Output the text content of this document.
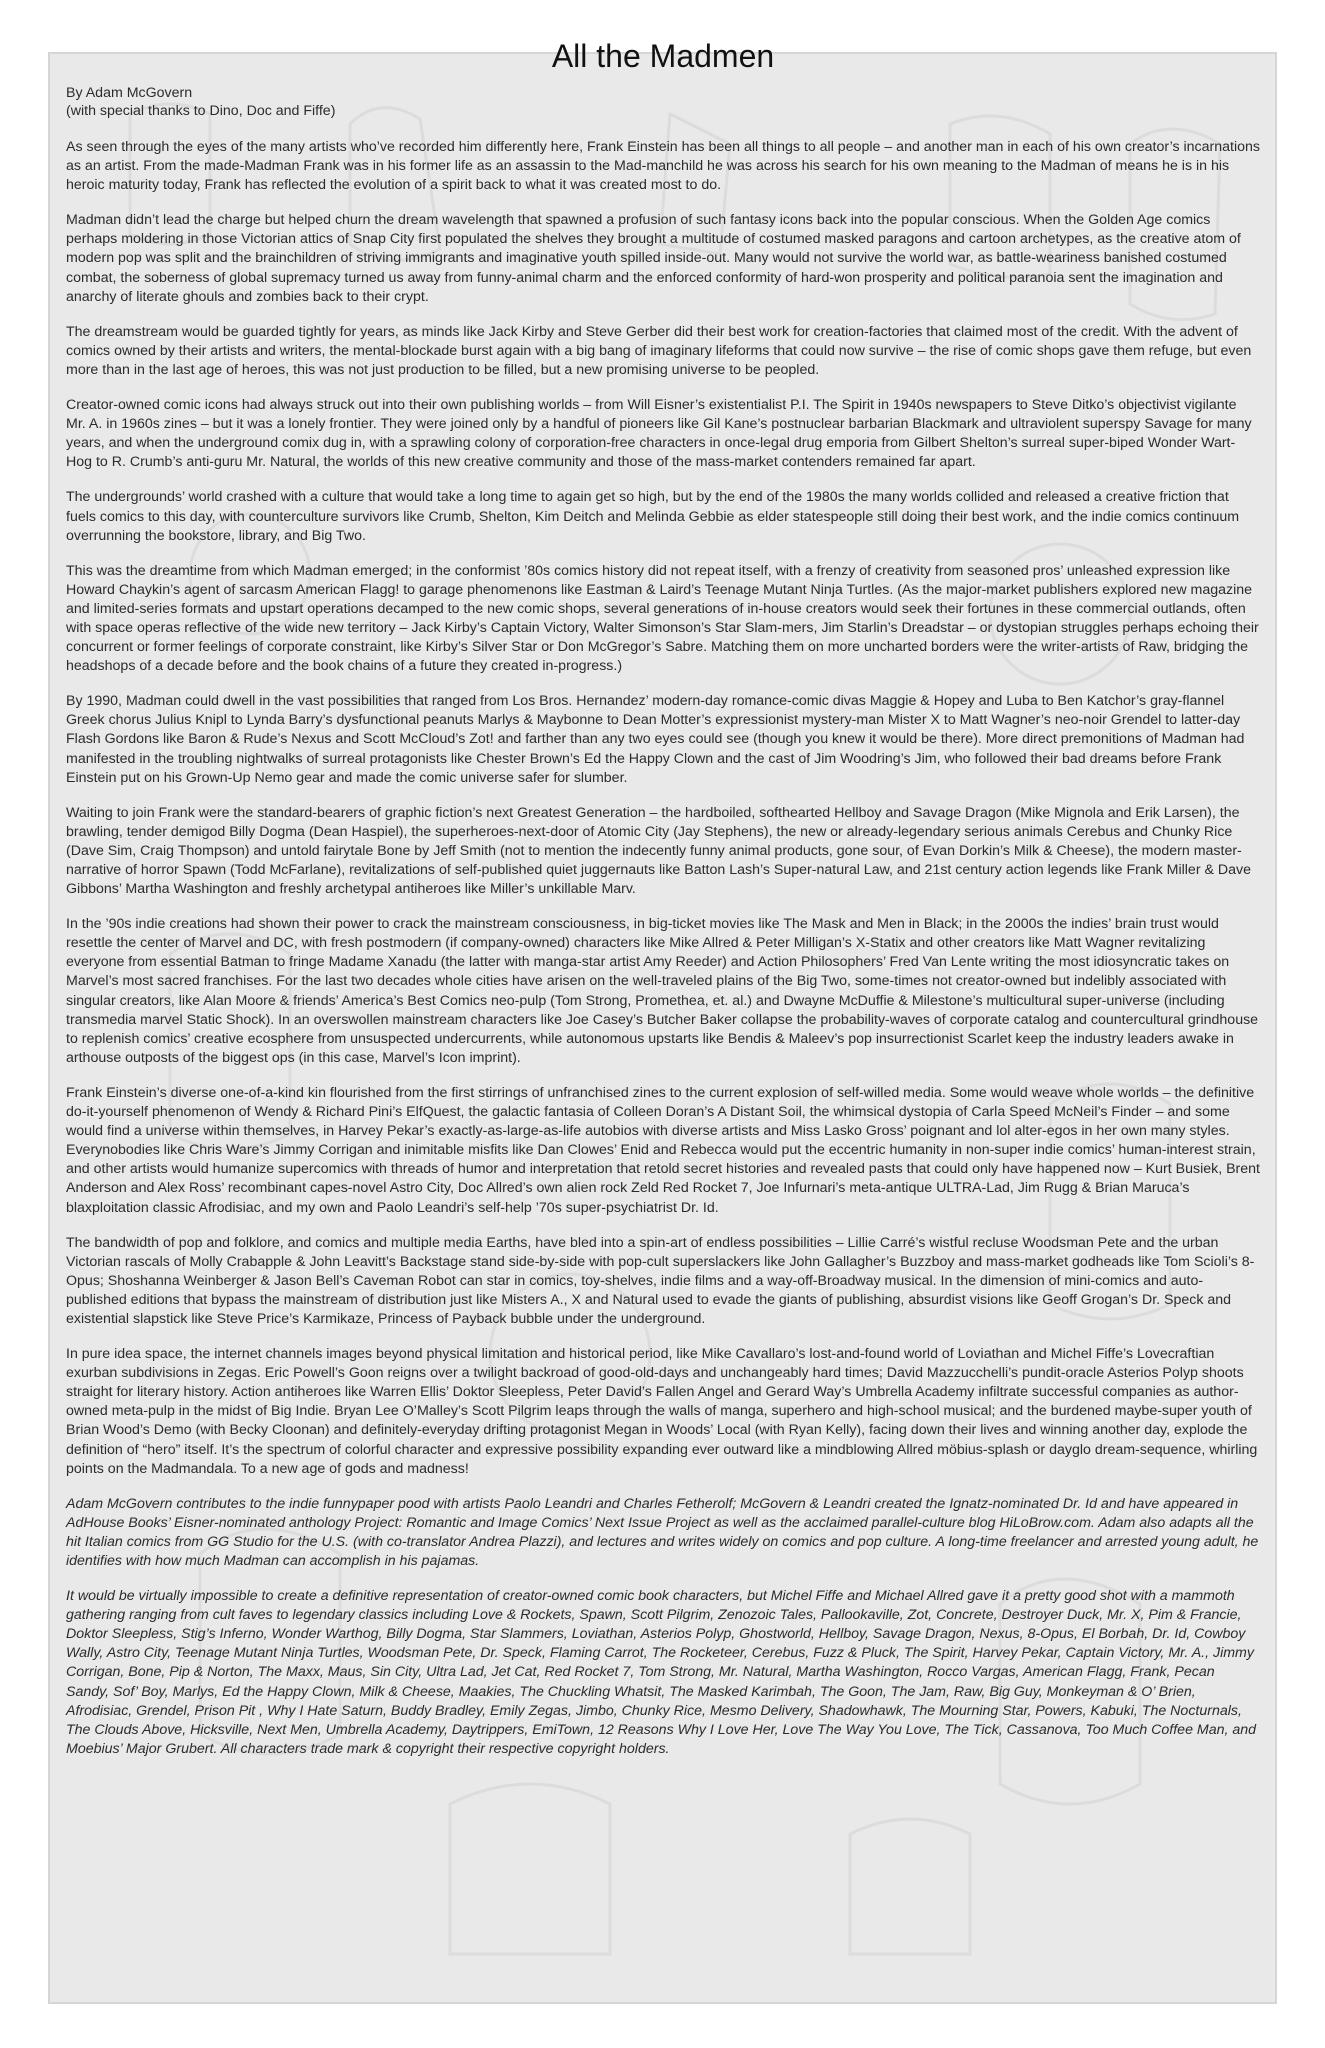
All the Madmen
By Adam McGovern
(with special thanks to Dino, Doc and Fiffe)

As seen through the eyes of the many artists who’ve recorded him differently here, Frank Einstein has been all things to all people – and another man in each of his own creator’s incarnations as an artist. From the made-Madman Frank was in his former life as an assassin to the Mad-manchild he was across his search for his own meaning to the Madman of means he is in his heroic maturity today, Frank has reflected the evolution of a spirit back to what it was created most to do.

Madman didn’t lead the charge but helped churn the dream wavelength that spawned a profusion of such fantasy icons back into the popular conscious. When the Golden Age comics perhaps moldering in those Victorian attics of Snap City first populated the shelves they brought a multitude of costumed masked paragons and cartoon archetypes, as the creative atom of modern pop was split and the brainchildren of striving immigrants and imaginative youth spilled inside-out. Many would not survive the world war, as battle-weariness banished costumed combat, the soberness of global supremacy turned us away from funny-animal charm and the enforced conformity of hard-won prosperity and political paranoia sent the imagination and anarchy of literate ghouls and zombies back to their crypt.

The dreamstream would be guarded tightly for years, as minds like Jack Kirby and Steve Gerber did their best work for creation-factories that claimed most of the credit. With the advent of comics owned by their artists and writers, the mental-blockade burst again with a big bang of imaginary lifeforms that could now survive – the rise of comic shops gave them refuge, but even more than in the last age of heroes, this was not just production to be filled, but a new promising universe to be peopled.

Creator-owned comic icons had always struck out into their own publishing worlds – from Will Eisner’s existentialist P.I. The Spirit in 1940s newspapers to Steve Ditko’s objectivist vigilante Mr. A. in 1960s zines – but it was a lonely frontier. They were joined only by a handful of pioneers like Gil Kane’s postnuclear barbarian Blackmark and ultraviolent superspy Savage for many years, and when the underground comix dug in, with a sprawling colony of corporation-free characters in once-legal drug emporia from Gilbert Shelton’s surreal super-biped Wonder Wart-Hog to R. Crumb’s anti-guru Mr. Natural, the worlds of this new creative community and those of the mass-market contenders remained far apart.

The undergrounds’ world crashed with a culture that would take a long time to again get so high, but by the end of the 1980s the many worlds collided and released a creative friction that fuels comics to this day, with counterculture survivors like Crumb, Shelton, Kim Deitch and Melinda Gebbie as elder statespeople still doing their best work, and the indie comics continuum overrunning the bookstore, library, and Big Two.

This was the dreamtime from which Madman emerged; in the conformist ’80s comics history did not repeat itself, with a frenzy of creativity from seasoned pros’ unleashed expression like Howard Chaykin’s agent of sarcasm American Flagg! to garage phenomenons like Eastman & Laird’s Teenage Mutant Ninja Turtles. (As the major-market publishers explored new magazine and limited-series formats and upstart operations decamped to the new comic shops, several generations of in-house creators would seek their fortunes in these commercial outlands, often with space operas reflective of the wide new territory – Jack Kirby’s Captain Victory, Walter Simonson’s Star Slam-mers, Jim Starlin’s Dreadstar – or dystopian struggles perhaps echoing their concurrent or former feelings of corporate constraint, like Kirby’s Silver Star or Don McGregor’s Sabre. Matching them on more uncharted borders were the writer-artists of Raw, bridging the headshops of a decade before and the book chains of a future they created in-progress.)

By 1990, Madman could dwell in the vast possibilities that ranged from Los Bros. Hernandez’ modern-day romance-comic divas Maggie & Hopey and Luba to Ben Katchor’s gray-flannel Greek chorus Julius Knipl to Lynda Barry’s dysfunctional peanuts Marlys & Maybonne to Dean Motter’s expressionist mystery-man Mister X to Matt Wagner’s neo-noir Grendel to latter-day Flash Gordons like Baron & Rude’s Nexus and Scott McCloud’s Zot! and farther than any two eyes could see (though you knew it would be there). More direct premonitions of Madman had manifested in the troubling nightwalks of surreal protagonists like Chester Brown’s Ed the Happy Clown and the cast of Jim Woodring’s Jim, who followed their bad dreams before Frank Einstein put on his Grown-Up Nemo gear and made the comic universe safer for slumber.

Waiting to join Frank were the standard-bearers of graphic fiction’s next Greatest Generation – the hardboiled, softhearted Hellboy and Savage Dragon (Mike Mignola and Erik Larsen), the brawling, tender demigod Billy Dogma (Dean Haspiel), the superheroes-next-door of Atomic City (Jay Stephens), the new or already-legendary serious animals Cerebus and Chunky Rice (Dave Sim, Craig Thompson) and untold fairytale Bone by Jeff Smith (not to mention the indecently funny animal products, gone sour, of Evan Dorkin’s Milk & Cheese), the modern master-narrative of horror Spawn (Todd McFarlane), revitalizations of self-published quiet juggernauts like Batton Lash’s Super-natural Law, and 21st century action legends like Frank Miller & Dave Gibbons’ Martha Washington and freshly archetypal antiheroes like Miller’s unkillable Marv.

In the ’90s indie creations had shown their power to crack the mainstream consciousness, in big-ticket movies like The Mask and Men in Black; in the 2000s the indies’ brain trust would resettle the center of Marvel and DC, with fresh postmodern (if company-owned) characters like Mike Allred & Peter Milligan’s X-Statix and other creators like Matt Wagner revitalizing everyone from essential Batman to fringe Madame Xanadu (the latter with manga-star artist Amy Reeder) and Action Philosophers’ Fred Van Lente writing the most idiosyncratic takes on Marvel’s most sacred franchises. For the last two decades whole cities have arisen on the well-traveled plains of the Big Two, some-times not creator-owned but indelibly associated with singular creators, like Alan Moore & friends’ America’s Best Comics neo-pulp (Tom Strong, Promethea, et. al.) and Dwayne McDuffie & Milestone’s multicultural super-universe (including transmedia marvel Static Shock). In an overswollen mainstream characters like Joe Casey’s Butcher Baker collapse the probability-waves of corporate catalog and countercultural grindhouse to replenish comics’ creative ecosphere from unsuspected undercurrents, while autonomous upstarts like Bendis & Maleev’s pop insurrectionist Scarlet keep the industry leaders awake in arthouse outposts of the biggest ops (in this case, Marvel’s Icon imprint).

Frank Einstein’s diverse one-of-a-kind kin flourished from the first stirrings of unfranchised zines to the current explosion of self-willed media. Some would weave whole worlds – the definitive do-it-yourself phenomenon of Wendy & Richard Pini’s ElfQuest, the galactic fantasia of Colleen Doran’s A Distant Soil, the whimsical dystopia of Carla Speed McNeil’s Finder – and some would find a universe within themselves, in Harvey Pekar’s exactly-as-large-as-life autobios with diverse artists and Miss Lasko Gross’ poignant and lol alter-egos in her own many styles. Everynobodies like Chris Ware’s Jimmy Corrigan and inimitable misfits like Dan Clowes’ Enid and Rebecca would put the eccentric humanity in non-super indie comics’ human-interest strain, and other artists would humanize supercomics with threads of humor and interpretation that retold secret histories and revealed pasts that could only have happened now – Kurt Busiek, Brent Anderson and Alex Ross’ recombinant capes-novel Astro City, Doc Allred’s own alien rock Zeld Red Rocket 7, Joe Infurnari’s meta-antique ULTRA-Lad, Jim Rugg & Brian Maruca’s blaxploitation classic Afrodisiac, and my own and Paolo Leandri’s self-help ’70s super-psychiatrist Dr. Id.

The bandwidth of pop and folklore, and comics and multiple media Earths, have bled into a spin-art of endless possibilities – Lillie Carré’s wistful recluse Woodsman Pete and the urban Victorian rascals of Molly Crabapple & John Leavitt’s Backstage stand side-by-side with pop-cult superslackers like John Gallagher’s Buzzboy and mass-market godheads like Tom Scioli’s 8-Opus; Shoshanna Weinberger & Jason Bell’s Caveman Robot can star in comics, toy-shelves, indie films and a way-off-Broadway musical. In the dimension of mini-comics and auto-published editions that bypass the mainstream of distribution just like Misters A., X and Natural used to evade the giants of publishing, absurdist visions like Geoff Grogan’s Dr. Speck and existential slapstick like Steve Price’s Karmikaze, Princess of Payback bubble under the underground.

In pure idea space, the internet channels images beyond physical limitation and historical period, like Mike Cavallaro’s lost-and-found world of Loviathan and Michel Fiffe’s Lovecraftian exurban subdivisions in Zegas. Eric Powell’s Goon reigns over a twilight backroad of good-old-days and unchangeably hard times; David Mazzucchelli’s pundit-oracle Asterios Polyp shoots straight for literary history. Action antiheroes like Warren Ellis’ Doktor Sleepless, Peter David’s Fallen Angel and Gerard Way’s Umbrella Academy infiltrate successful companies as author-owned meta-pulp in the midst of Big Indie. Bryan Lee O’Malley’s Scott Pilgrim leaps through the walls of manga, superhero and high-school musical; and the burdened maybe-super youth of Brian Wood’s Demo (with Becky Cloonan) and definitely-everyday drifting protagonist Megan in Woods’ Local (with Ryan Kelly), facing down their lives and winning another day, explode the definition of “hero” itself. It’s the spectrum of colorful character and expressive possibility expanding ever outward like a mindblowing Allred möbius-splash or dayglo dream-sequence, whirling points on the Madmandala. To a new age of gods and madness!

Adam McGovern contributes to the indie funnypaper pood with artists Paolo Leandri and Charles Fetherolf; McGovern & Leandri created the Ignatz-nominated Dr. Id and have appeared in AdHouse Books’ Eisner-nominated anthology Project: Romantic and Image Comics’ Next Issue Project as well as the acclaimed parallel-culture blog HiLoBrow.com. Adam also adapts all the hit Italian comics from GG Studio for the U.S. (with co-translator Andrea Plazzi), and lectures and writes widely on comics and pop culture. A long-time freelancer and arrested young adult, he identifies with how much Madman can accomplish in his pajamas.

It would be virtually impossible to create a definitive representation of creator-owned comic book characters, but Michel Fiffe and Michael Allred gave it a pretty good shot with a mammoth gathering ranging from cult faves to legendary classics including Love & Rockets, Spawn, Scott Pilgrim, Zenozoic Tales, Pallookaville, Zot, Concrete, Destroyer Duck, Mr. X, Pim & Francie, Doktor Sleepless, Stig’s Inferno, Wonder Warthog, Billy Dogma, Star Slammers, Loviathan, Asterios Polyp, Ghostworld, Hellboy, Savage Dragon, Nexus, 8-Opus, El Borbah, Dr. Id, Cowboy Wally, Astro City, Teenage Mutant Ninja Turtles, Woodsman Pete, Dr. Speck, Flaming Carrot, The Rocketeer, Cerebus, Fuzz & Pluck, The Spirit, Harvey Pekar, Captain Victory, Mr. A., Jimmy Corrigan, Bone, Pip & Norton, The Maxx, Maus, Sin City, Ultra Lad, Jet Cat, Red Rocket 7, Tom Strong, Mr. Natural, Martha Washington, Rocco Vargas, American Flagg, Frank, Pecan Sandy, Sof’ Boy, Marlys, Ed the Happy Clown, Milk & Cheese, Maakies, The Chuckling Whatsit, The Masked Karimbah, The Goon, The Jam, Raw, Big Guy, Monkeyman & O’ Brien, Afrodisiac, Grendel, Prison Pit , Why I Hate Saturn, Buddy Bradley, Emily Zegas, Jimbo, Chunky Rice, Mesmo Delivery, Shadowhawk, The Mourning Star, Powers, Kabuki, The Nocturnals, The Clouds Above, Hicksville, Next Men, Umbrella Academy, Daytrippers, EmiTown, 12 Reasons Why I Love Her, Love The Way You Love, The Tick, Cassanova, Too Much Coffee Man, and Moebius’ Major Grubert. All characters trade mark & copyright their respective copyright holders.
